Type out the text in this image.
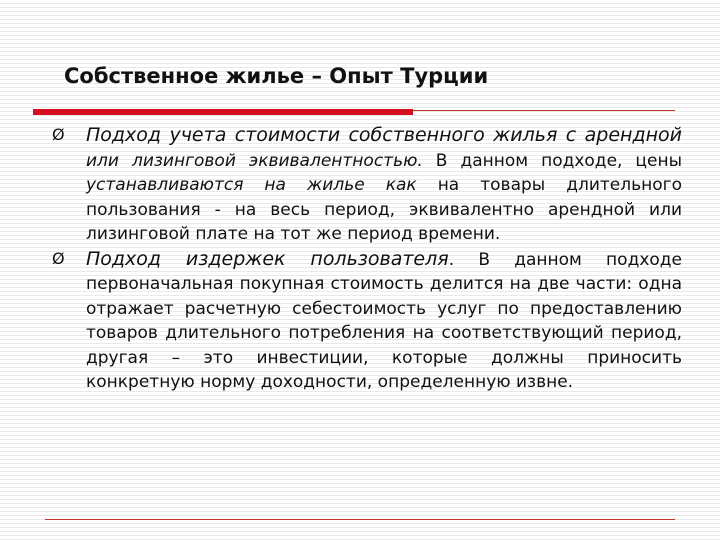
Собственное жилье – Опыт Турции
Ø Подход учета стоимости собственного жилья с арендной или лизинговой эквивалентностью. В данном подходе, цены устанавливаются на жилье как на товары длительного пользования - на весь период, эквивалентно арендной или лизинговой плате на тот же период времени.
Ø Подход издержек пользователя. В данном подходе первоначальная покупная стоимость делится на две части: одна отражает расчетную себестоимость услуг по предоставлению товаров длительного потребления на соответствующий период, другая – это инвестиции, которые должны приносить конкретную норму доходности, определенную извне.
